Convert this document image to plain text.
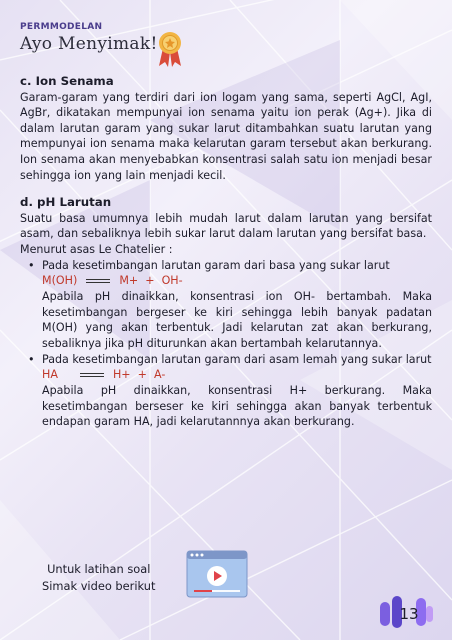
PERMMODELAN
Ayo Menyimak!
c. Ion Senama

Garam-garam yang terdiri dari ion logam yang sama, seperti AgCl, AgI, AgBr, dikatakan mempunyai ion senama yaitu ion perak (Ag+). Jika di dalam larutan garam yang sukar larut ditambahkan suatu larutan yang mempunyai ion senama maka kelarutan garam tersebut akan berkurang. Ion senama akan menyebabkan konsentrasi salah satu ion menjadi besar sehingga ion yang lain menjadi kecil.

d. pH Larutan

Suatu basa umumnya lebih mudah larut dalam larutan yang bersifat asam, dan sebaliknya lebih sukar larut dalam larutan yang bersifat basa.

Menurut asas Le Chatelier :

• Pada kesetimbangan larutan garam dari basa yang sukar larut

M(OH)	M+  +  OH-

Apabila pH dinaikkan, konsentrasi ion OH- bertambah. Maka kesetimbangan bergeser ke kiri sehingga lebih banyak padatan M(OH) yang akan terbentuk. Jadi kelarutan zat akan berkurang, sebaliknya jika pH diturunkan akan bertambah kelarutannya.

• Pada kesetimbangan larutan garam dari asam lemah yang sukar larut

HA	H+  +  A-

Apabila pH dinaikkan, konsentrasi H+ berkurang. Maka kesetimbangan berseser ke kiri sehingga akan banyak terbentuk endapan garam HA, jadi kelarutannnya akan berkurang.

Untuk latihan soal
Simak video berikut
13
